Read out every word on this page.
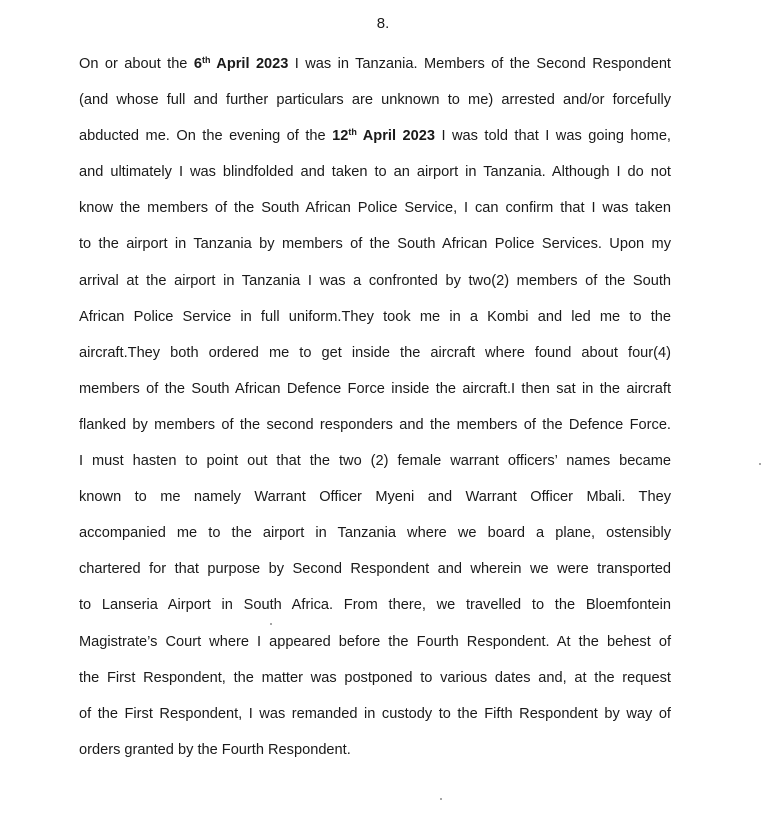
8.
On or about the 6th April 2023 I was in Tanzania. Members of the Second Respondent
(and whose full and further particulars are unknown to me) arrested and/or forcefully
abducted me. On the evening of the 12th April 2023 I was told that I was going home,
and ultimately I was blindfolded and taken to an airport in Tanzania. Although I do not
know the members of the South African Police Service, I can confirm that I was taken
to the airport in Tanzania by members of the South African Police Services. Upon my
arrival at the airport in Tanzania I was a confronted by two(2) members of the South
African Police Service in full uniform.They took me in a Kombi and led me to the
aircraft.They both ordered me to get inside the aircraft where found about four(4)
members of the South African Defence Force inside the aircraft.I then sat in the aircraft
flanked by members of the second responders and the members of the Defence Force.
I must hasten to point out that the two (2) female warrant officers’ names became
known to me namely Warrant Officer Myeni and Warrant Officer Mbali. They
accompanied me to the airport in Tanzania where we board a plane, ostensibly
chartered for that purpose by Second Respondent and wherein we were transported
to Lanseria Airport in South Africa. From there, we travelled to the Bloemfontein
Magistrate’s Court where I appeared before the Fourth Respondent. At the behest of
the First Respondent, the matter was postponed to various dates and, at the request
of the First Respondent, I was remanded in custody to the Fifth Respondent by way of
orders granted by the Fourth Respondent.
